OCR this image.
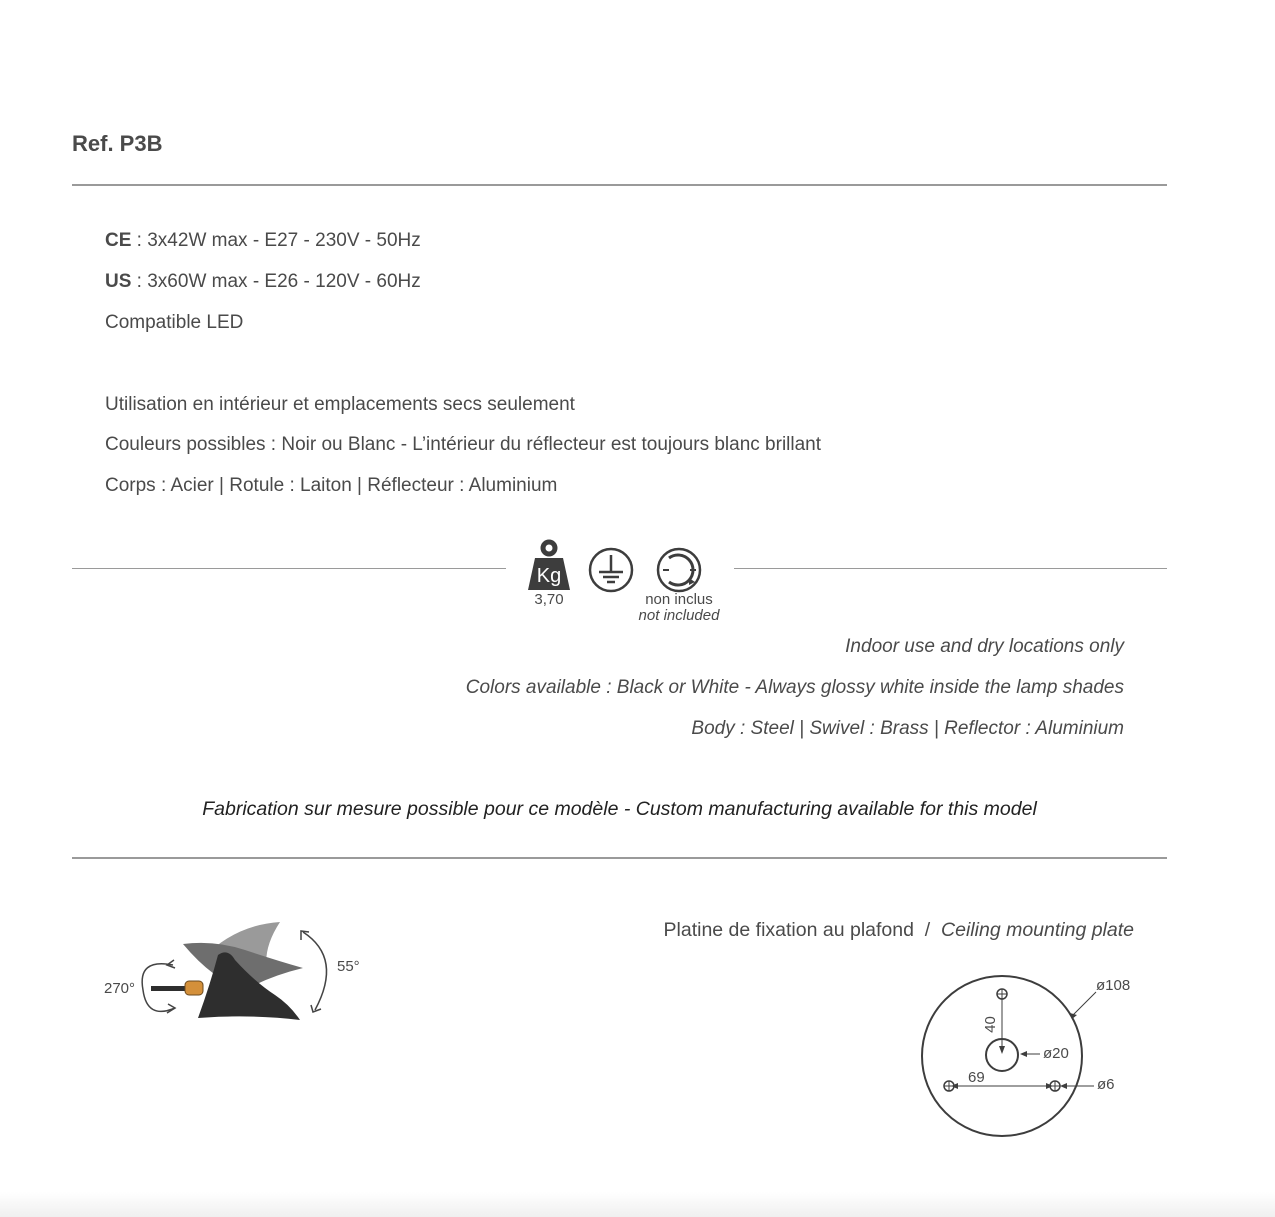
Ref. P3B
CE : 3x42W max - E27 - 230V - 50Hz
US : 3x60W max - E26 - 120V - 60Hz
Compatible LED
Utilisation en intérieur et emplacements secs seulement
Couleurs possibles : Noir ou Blanc - L’intérieur du réflecteur est toujours blanc brillant
Corps : Acier | Rotule : Laiton | Réflecteur : Aluminium
Kg
3,70	non inclus
not included
Indoor use and dry locations only
Colors available : Black or White - Always glossy white inside the lamp shades
Body : Steel | Swivel : Brass | Reflector : Aluminium
Fabrication sur mesure possible pour ce modèle - Custom manufacturing available for this model
270°
55°
Platine de fixation au plafond  /  Ceiling mounting plate
ø108
ø20
ø6
40
69
